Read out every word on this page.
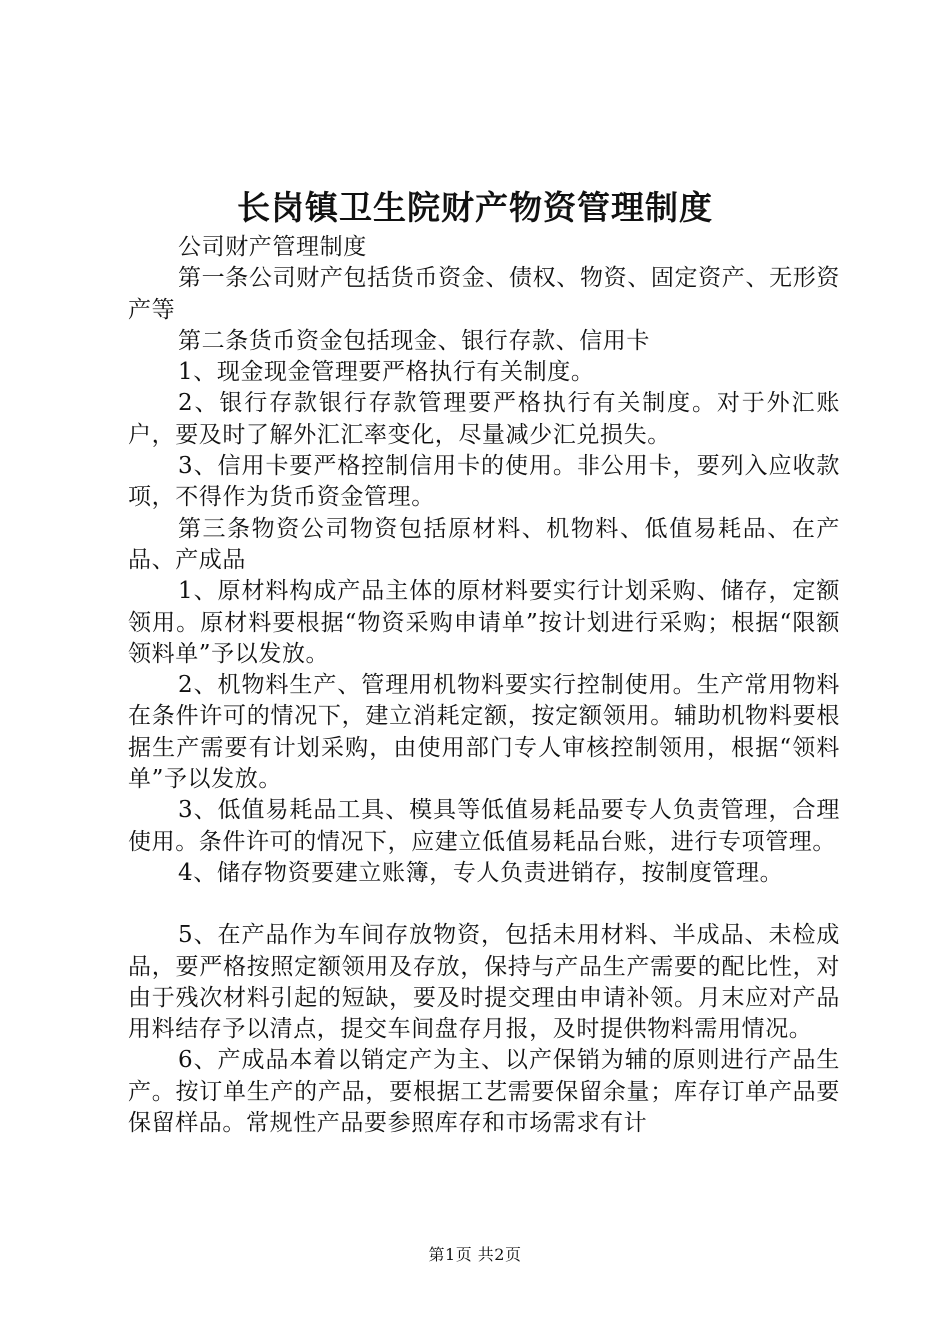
长岗镇卫生院财产物资管理制度

公司财产管理制度

第一条公司财产包括货币资金、债权、物资、固定资产、无形资产等

第二条货币资金包括现金、银行存款、信用卡

1、现金现金管理要严格执行有关制度。

2、银行存款银行存款管理要严格执行有关制度。对于外汇账户，要及时了解外汇汇率变化，尽量减少汇兑损失。

3、信用卡要严格控制信用卡的使用。非公用卡，要列入应收款项，不得作为货币资金管理。

第三条物资公司物资包括原材料、机物料、低值易耗品、在产品、产成品

1、原材料构成产品主体的原材料要实行计划采购、储存，定额领用。原材料要根据“物资采购申请单”按计划进行采购；根据“限额领料单”予以发放。

2、机物料生产、管理用机物料要实行控制使用。生产常用物料在条件许可的情况下，建立消耗定额，按定额领用。辅助机物料要根据生产需要有计划采购，由使用部门专人审核控制领用，根据“领料单”予以发放。

3、低值易耗品工具、模具等低值易耗品要专人负责管理，合理使用。条件许可的情况下，应建立低值易耗品台账，进行专项管理。

4、储存物资要建立账簿，专人负责进销存，按制度管理。

5、在产品作为车间存放物资，包括未用材料、半成品、未检成品，要严格按照定额领用及存放，保持与产品生产需要的配比性，对由于残次材料引起的短缺，要及时提交理由申请补领。月末应对产品用料结存予以清点，提交车间盘存月报，及时提供物料需用情况。

6、产成品本着以销定产为主、以产保销为辅的原则进行产品生产。按订单生产的产品，要根据工艺需要保留余量；库存订单产品要保留样品。常规性产品要参照库存和市场需求有计

第1页 共2页
